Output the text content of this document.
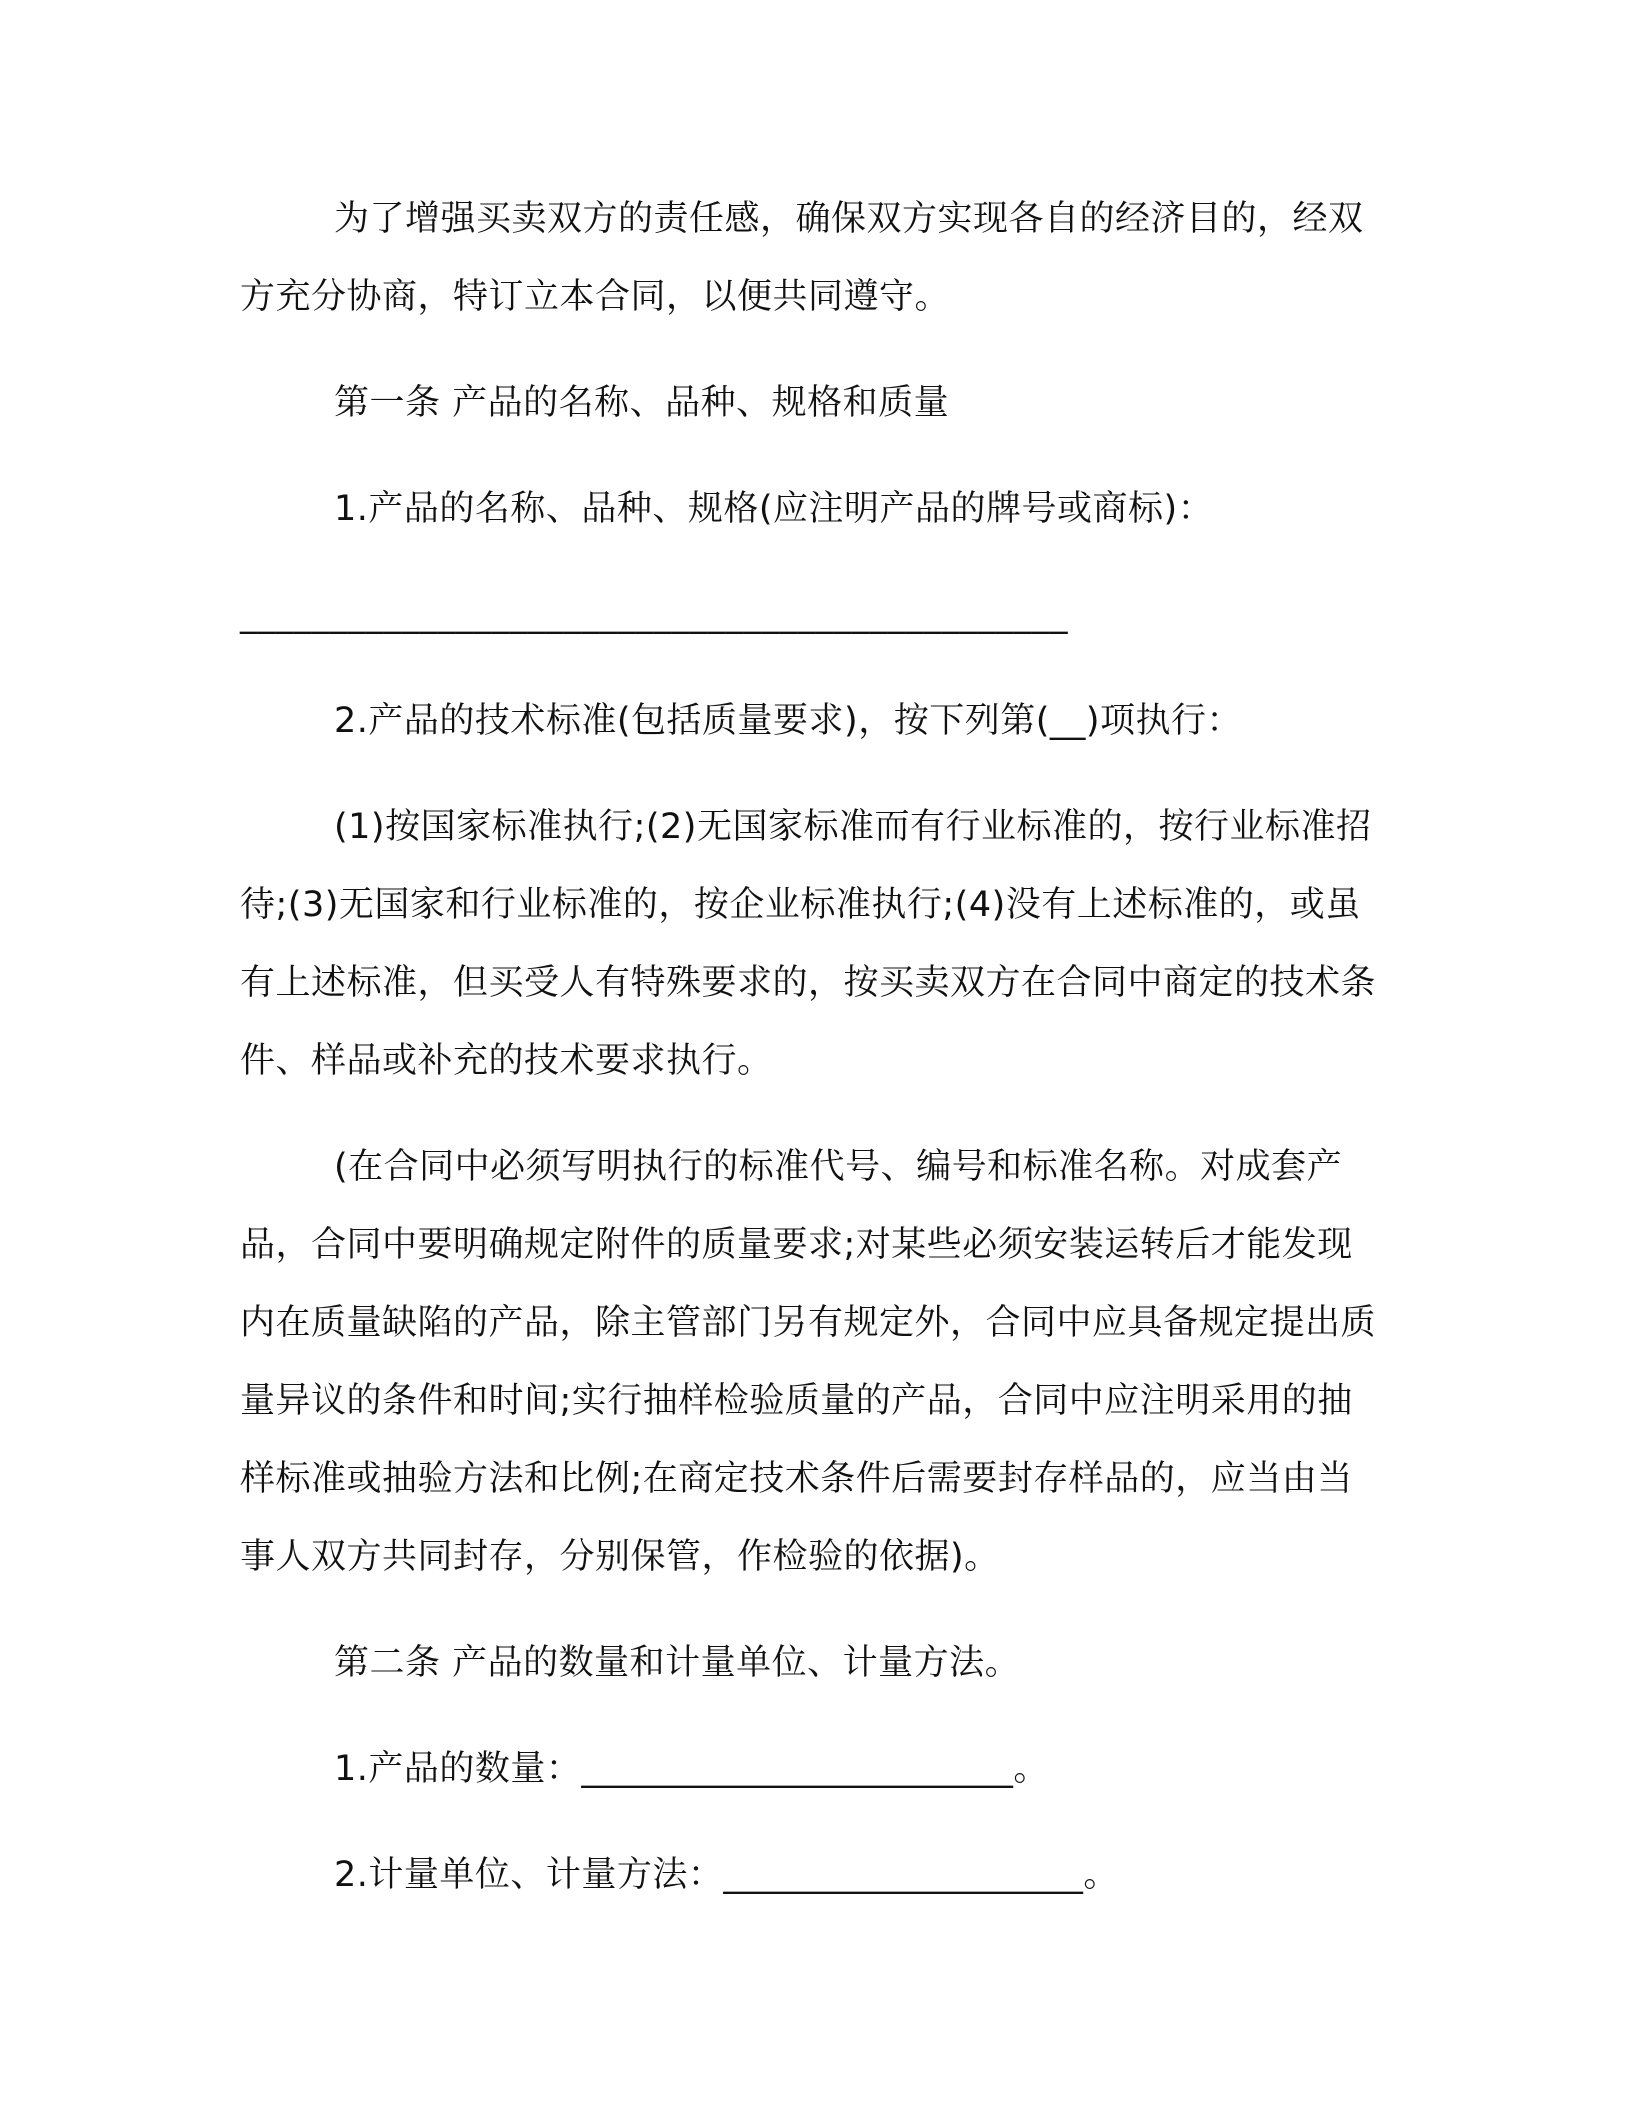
为了增强买卖双方的责任感，确保双方实现各自的经济目的，经双方充分协商，特订立本合同，以便共同遵守。

第一条 产品的名称、品种、规格和质量

1.产品的名称、品种、规格(应注明产品的牌号或商标)：

______________________________________________

2.产品的技术标准(包括质量要求)，按下列第(__)项执行：

(1)按国家标准执行;(2)无国家标准而有行业标准的，按行业标准招待;(3)无国家和行业标准的，按企业标准执行;(4)没有上述标准的，或虽有上述标准，但买受人有特殊要求的，按买卖双方在合同中商定的技术条件、样品或补充的技术要求执行。

(在合同中必须写明执行的标准代号、编号和标准名称。对成套产品，合同中要明确规定附件的质量要求;对某些必须安装运转后才能发现内在质量缺陷的产品，除主管部门另有规定外，合同中应具备规定提出质量异议的条件和时间;实行抽样检验质量的产品，合同中应注明采用的抽样标准或抽验方法和比例;在商定技术条件后需要封存样品的，应当由当事人双方共同封存，分别保管，作检验的依据)。

第二条 产品的数量和计量单位、计量方法。

1.产品的数量：________________________。

2.计量单位、计量方法：____________________。
